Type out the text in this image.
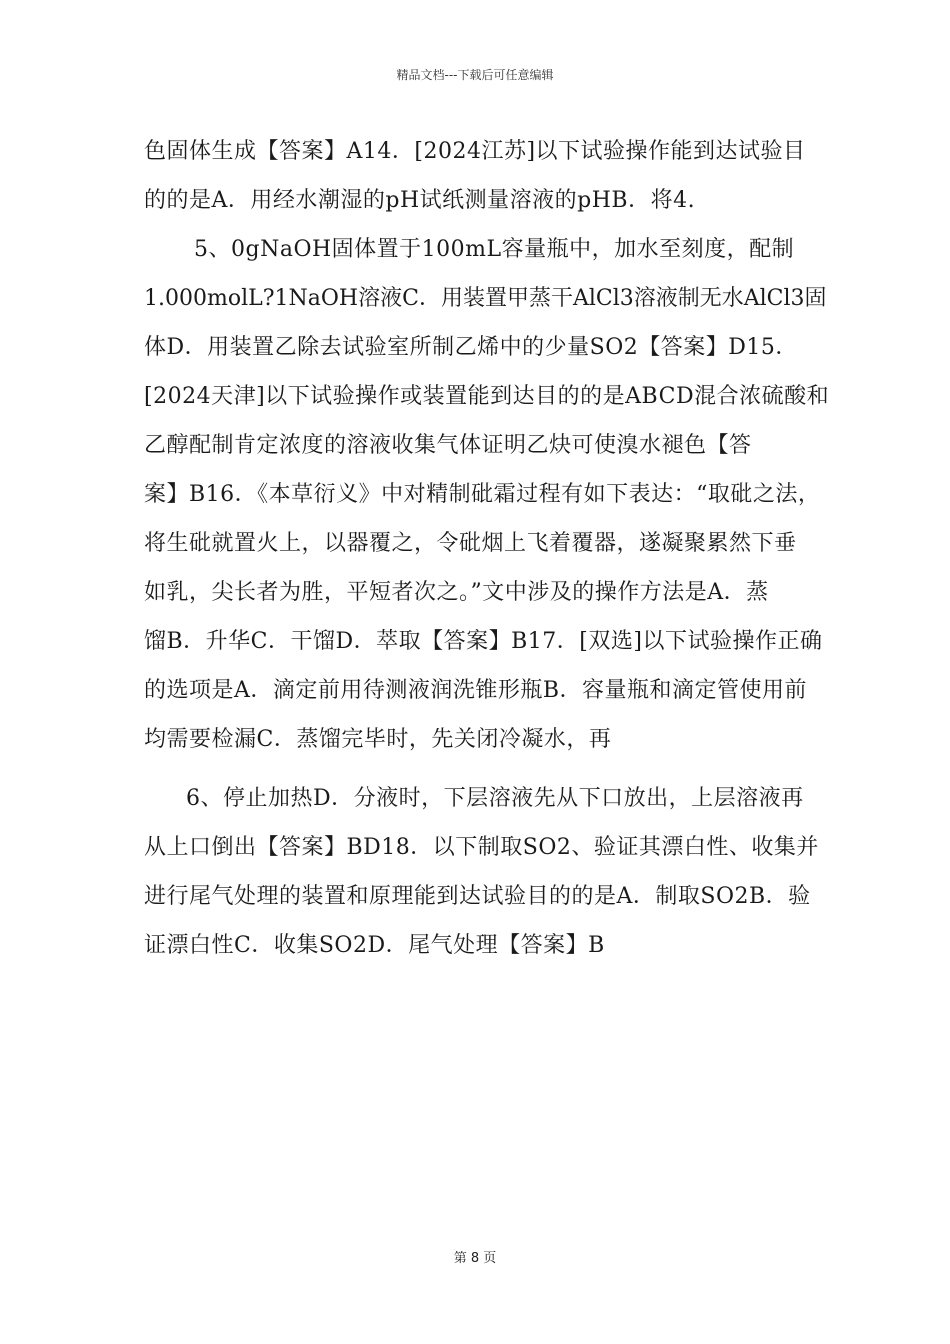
精品文档---下载后可任意编辑
色固体生成【答案】A14．[2024江苏]以下试验操作能到达试验目
的的是A．用经水潮湿的pH试纸测量溶液的pHB．将4.
5、0gNaOH固体置于100mL容量瓶中，加水至刻度，配制
1.000molL?1NaOH溶液C．用装置甲蒸干AlCl3溶液制无水AlCl3固
体D．用装置乙除去试验室所制乙烯中的少量SO2【答案】D15．
[2024天津]以下试验操作或装置能到达目的的是ABCD混合浓硫酸和
乙醇配制肯定浓度的溶液收集气体证明乙炔可使溴水褪色【答
案】B16．《本草衍义》中对精制砒霜过程有如下表达：“取砒之法，
将生砒就置火上，以器覆之，令砒烟上飞着覆器，遂凝聚累然下垂
如乳，尖长者为胜，平短者次之。”文中涉及的操作方法是A．蒸
馏B．升华C．干馏D．萃取【答案】B17．[双选]以下试验操作正确
的选项是A．滴定前用待测液润洗锥形瓶B．容量瓶和滴定管使用前
均需要检漏C．蒸馏完毕时，先关闭冷凝水，再
6、停止加热D．分液时，下层溶液先从下口放出，上层溶液再
从上口倒出【答案】BD18．以下制取SO2、验证其漂白性、收集并
进行尾气处理的装置和原理能到达试验目的的是A．制取SO2B．验
证漂白性C．收集SO2D．尾气处理【答案】B
第 8 页
